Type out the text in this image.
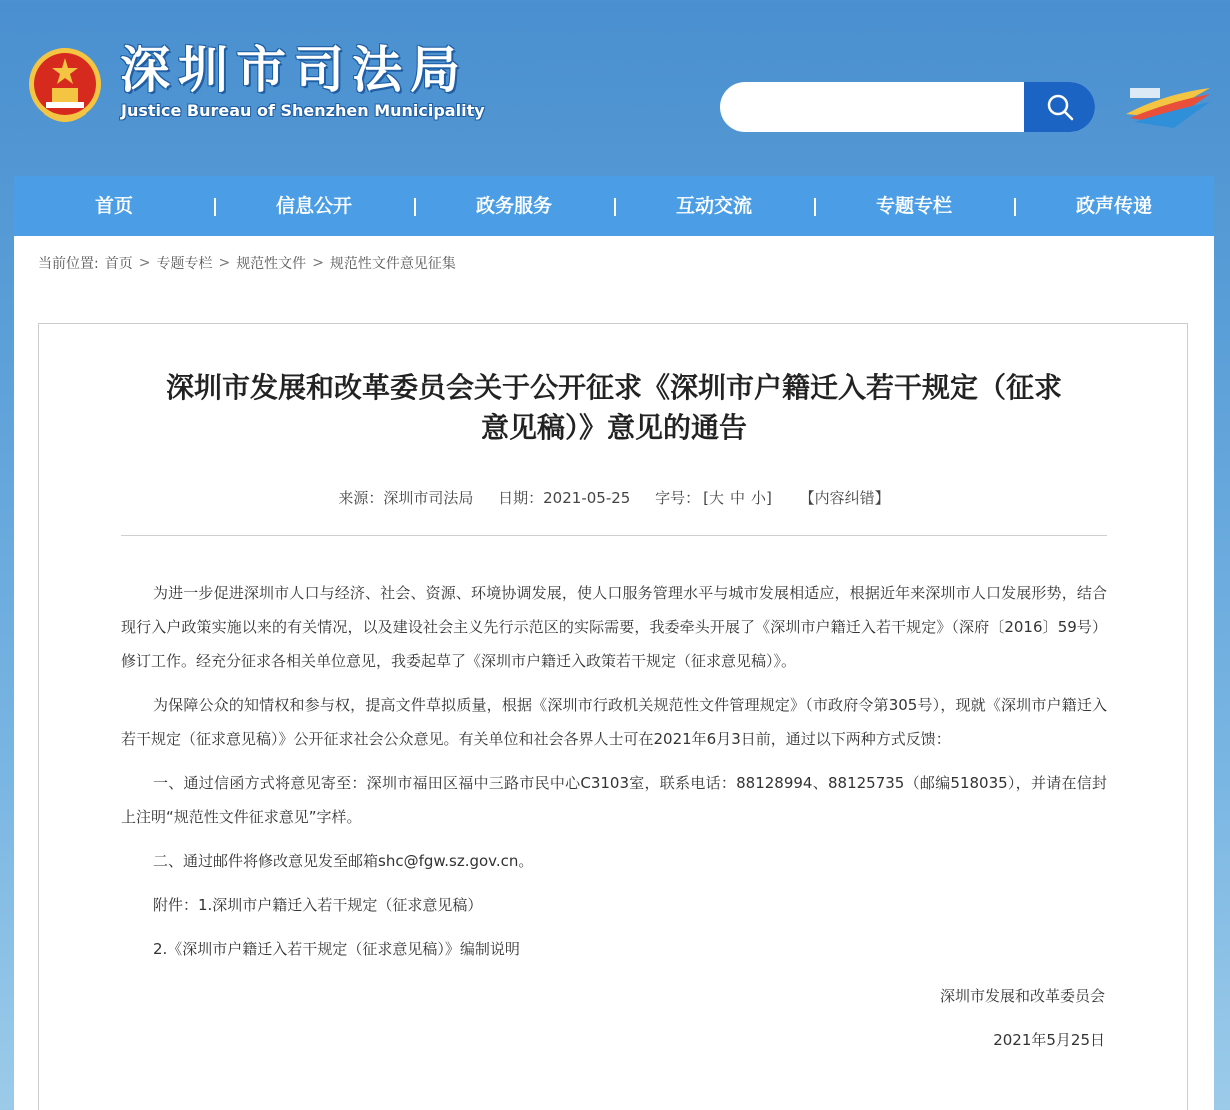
深圳市司法局
Justice Bureau of Shenzhen Municipality
首页	信息公开	政务服务	互动交流	专题专栏	政声传递
当前位置: 首页 > 专题专栏 > 规范性文件 > 规范性文件意见征集
深圳市发展和改革委员会关于公开征求《深圳市户籍迁入若干规定（征求
意见稿）》意见的通告
来源：深圳市司法局 日期：2021-05-25 字号： [大 中 小] 【内容纠错】

为进一步促进深圳市人口与经济、社会、资源、环境协调发展，使人口服务管理水平与城市发展相适应，根据近年来深圳市人口发展形势，结合现行入户政策实施以来的有关情况，以及建设社会主义先行示范区的实际需要，我委牵头开展了《深圳市户籍迁入若干规定》（深府〔2016〕59号）修订工作。经充分征求各相关单位意见，我委起草了《深圳市户籍迁入政策若干规定（征求意见稿）》。

为保障公众的知情权和参与权，提高文件草拟质量，根据《深圳市行政机关规范性文件管理规定》（市政府令第305号），现就《深圳市户籍迁入若干规定（征求意见稿）》公开征求社会公众意见。有关单位和社会各界人士可在2021年6月3日前，通过以下两种方式反馈：

一、通过信函方式将意见寄至：深圳市福田区福中三路市民中心C3103室，联系电话：88128994、88125735（邮编518035），并请在信封上注明“规范性文件征求意见”字样。

二、通过邮件将修改意见发至邮箱shc@fgw.sz.gov.cn。

附件：1.深圳市户籍迁入若干规定（征求意见稿）

2.《深圳市户籍迁入若干规定（征求意见稿）》编制说明

深圳市发展和改革委员会
2021年5月25日
